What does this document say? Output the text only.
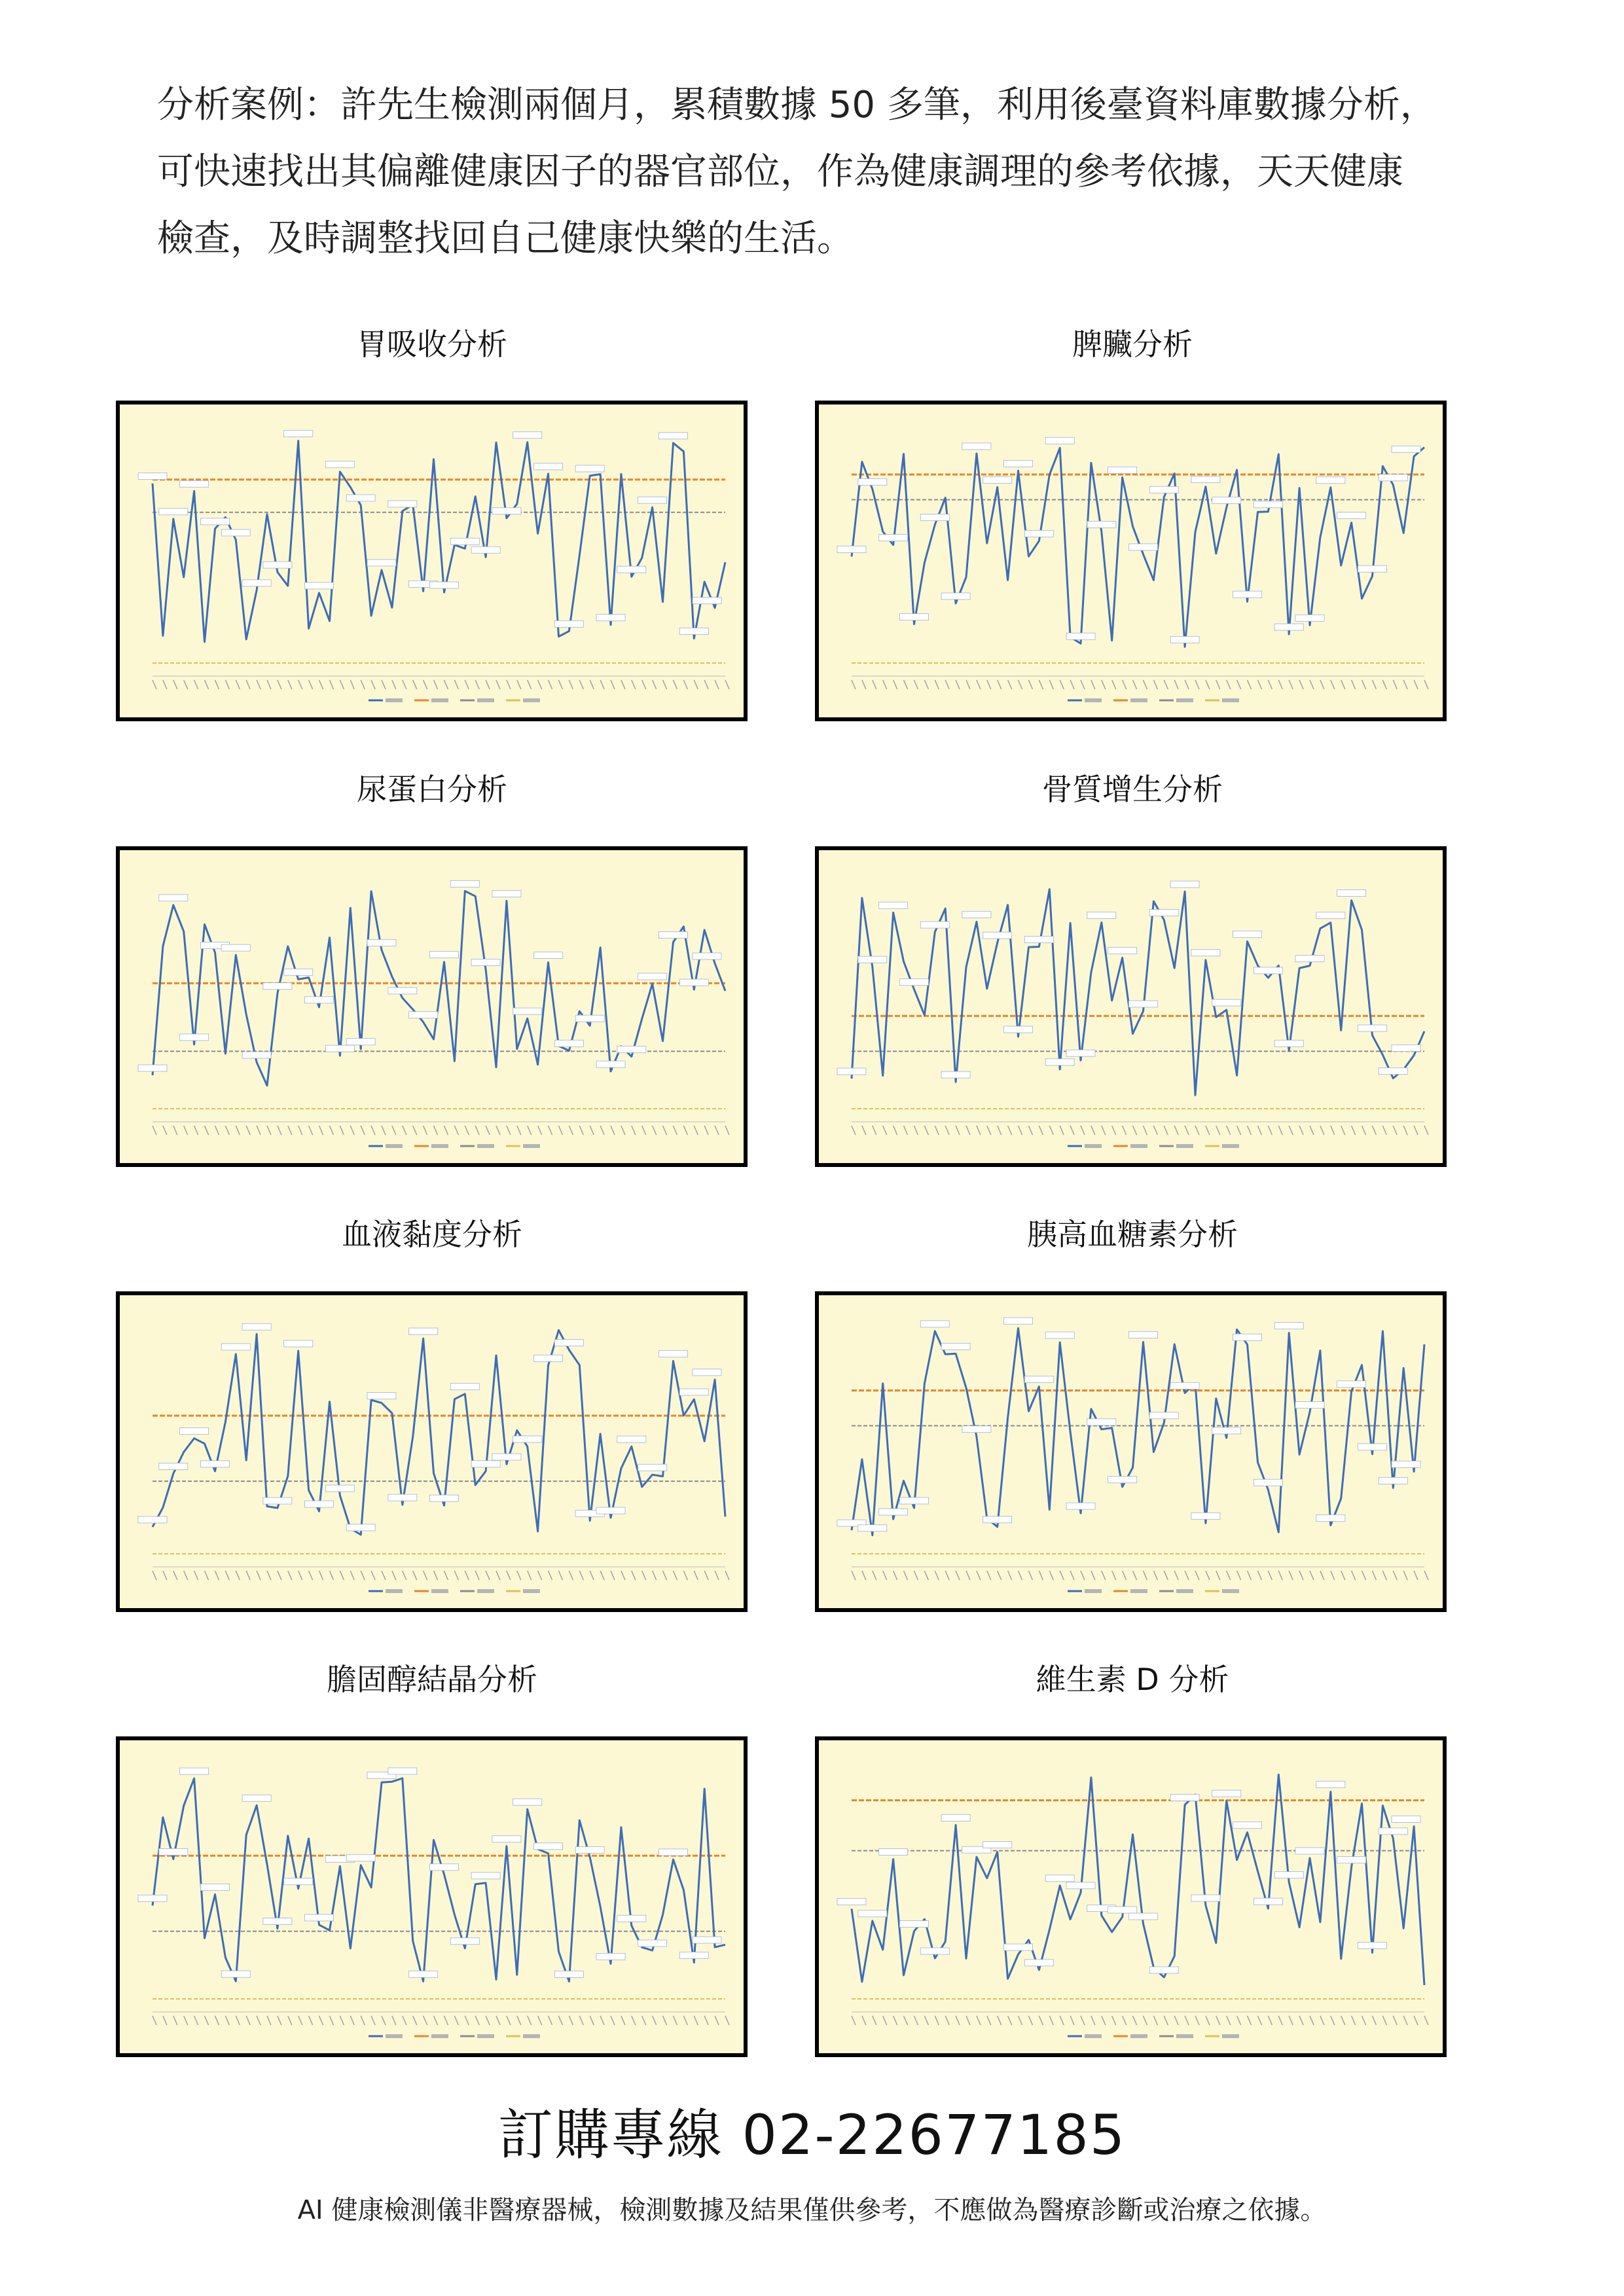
分析案例：許先生檢測兩個月，累積數據 50 多筆，利用後臺資料庫數據分析，

可快速找出其偏離健康因子的器官部位，作為健康調理的參考依據，天天健康

檢查，及時調整找回自己健康快樂的生活。

胃吸收分析	脾臟分析
尿蛋白分析	骨質增生分析
血液黏度分析	胰高血糖素分析
膽固醇結晶分析	維生素 D 分析
訂購專線 02-22677185
AI 健康檢測儀非醫療器械，檢測數據及結果僅供參考，不應做為醫療診斷或治療之依據。
